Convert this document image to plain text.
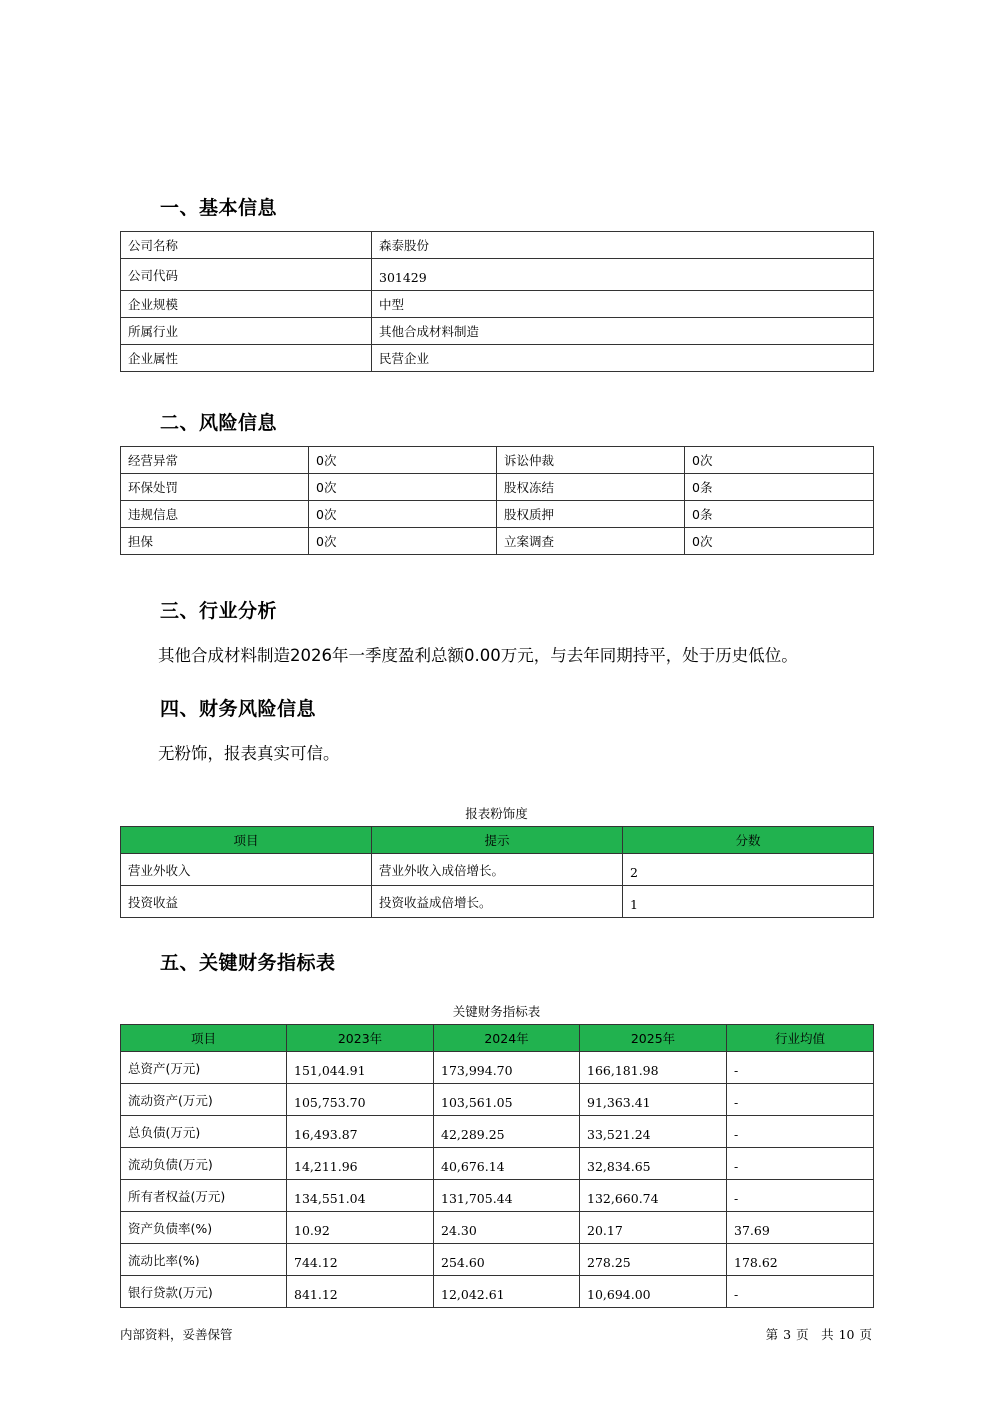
一、基本信息
公司名称	森泰股份
公司代码	301429
企业规模	中型
所属行业	其他合成材料制造
企业属性	民营企业
二、风险信息
经营异常	0次	诉讼仲裁	0次
环保处罚	0次	股权冻结	0条
违规信息	0次	股权质押	0条
担保	0次	立案调查	0次
三、行业分析

其他合成材料制造2026年一季度盈利总额0.00万元，与去年同期持平，处于历史低位。

四、财务风险信息

无粉饰，报表真实可信。

报表粉饰度
项目	提示	分数
营业外收入	营业外收入成倍增长。	2
投资收益	投资收益成倍增长。	1
五、关键财务指标表
关键财务指标表
项目	2023年	2024年	2025年	行业均值
总资产(万元)	151,044.91	173,994.70	166,181.98	-
流动资产(万元)	105,753.70	103,561.05	91,363.41	-
总负债(万元)	16,493.87	42,289.25	33,521.24	-
流动负债(万元)	14,211.96	40,676.14	32,834.65	-
所有者权益(万元)	134,551.04	131,705.44	132,660.74	-
资产负债率(%)	10.92	24.30	20.17	37.69
流动比率(%)	744.12	254.60	278.25	178.62
银行贷款(万元)	841.12	12,042.61	10,694.00	-
内部资料，妥善保管	第 3 页　共 10 页
